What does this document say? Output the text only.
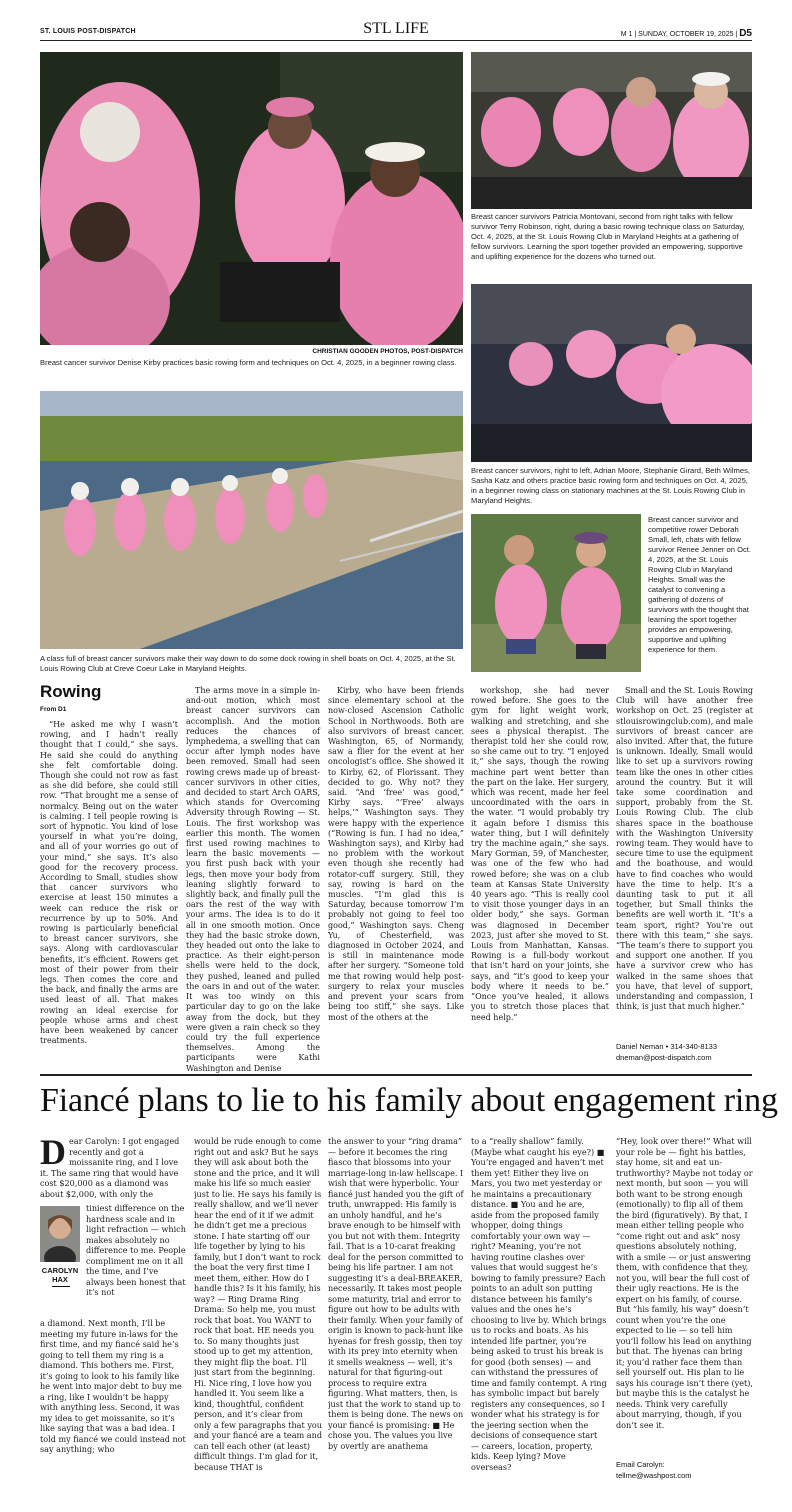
ST. LOUIS POST-DISPATCH	STL LIFE	M 1 | SUNDAY, OCTOBER 19, 2025 | D5
CHRISTIAN GOODEN PHOTOS, POST-DISPATCH
Breast cancer survivor Denise Kirby practices basic rowing form and techniques on Oct. 4, 2025, in a beginner rowing class.
Breast cancer survivors Patricia Montovani, second from right talks with fellow survivor Terry Robinson, right, during a basic rowing technique class on Saturday, Oct. 4, 2025, at the St. Louis Rowing Club in Maryland Heights at a gathering of fellow survivors. Learning the sport together provided an empowering, supportive and uplifting experience for the dozens who turned out.
Breast cancer survivors, right to left, Adrian Moore, Stephanie Girard, Beth Wilmes, Sasha Katz and others practice basic rowing form and techniques on Oct. 4, 2025, in a beginner rowing class on stationary machines at the St. Louis Rowing Club in Maryland Heights.
Breast cancer survivor and competitive rower Deborah Small, left, chats with fellow survivor Renee Jenner on Oct. 4, 2025, at the St. Louis Rowing Club in Maryland Heights. Small was the catalyst to convening a gathering of dozens of survivors with the thought that learning the sport together provides an empowering, supportive and uplifting experience for them.
A class full of breast cancer survivors make their way down to do some dock rowing in shell boats on Oct. 4, 2025, at the St. Louis Rowing Club at Creve Coeur Lake in Maryland Heights.
Rowing
From D1

“He asked me why I wasn’t rowing, and I hadn’t really thought that I could,” she says. He said she could do anything she felt comfortable doing. Though she could not row as fast as she did before, she could still row. “That brought me a sense of normalcy. Being out on the water is calming. I tell people rowing is sort of hypnotic. You kind of lose yourself in what you’re doing, and all of your worries go out of your mind,” she says. It’s also good for the recovery process. According to Small, studies show that cancer survivors who exercise at least 150 minutes a week can reduce the risk or recurrence by up to 50%. And rowing is particularly beneficial to breast cancer survivors, she says. Along with cardiovascular benefits, it’s efficient. Rowers get most of their power from their legs. Then comes the core and the back, and finally the arms are used least of all. That makes rowing an ideal exercise for people whose arms and chest have been weakened by cancer treatments.

The arms move in a simple in-and-out motion, which most breast cancer survivors can accomplish. And the motion reduces the chances of lymphedema, a swelling that can occur after lymph nodes have been removed. Small had seen rowing crews made up of breast-cancer survivors in other cities, and decided to start Arch OARS, which stands for Overcoming Adversity through Rowing — St. Louis. The first workshop was earlier this month. The women first used rowing machines to learn the basic movements — you first push back with your legs, then move your body from leaning slightly forward to slightly back, and finally pull the oars the rest of the way with your arms. The idea is to do it all in one smooth motion. Once they had the basic stroke down, they headed out onto the lake to practice. As their eight-person shells were held to the dock, they pushed, leaned and pulled the oars in and out of the water. It was too windy on this particular day to go on the lake away from the dock, but they were given a rain check so they could try the full experience themselves. Among the participants were Kathi Washington and Denise

Kirby, who have been friends since elementary school at the now-closed Ascension Catholic School in Northwoods. Both are also survivors of breast cancer. Washington, 65, of Normandy, saw a flier for the event at her oncologist’s office. She showed it to Kirby, 62, of Florissant. They decided to go. Why not? they said. “And ‘free’ was good,” Kirby says. “‘Free’ always helps,’” Washington says. They were happy with the experience (“Rowing is fun. I had no idea,” Washington says), and Kirby had no problem with the workout even though she recently had rotator-cuff surgery. Still, they say, rowing is hard on the muscles. “I’m glad this is Saturday, because tomorrow I’m probably not going to feel too good,” Washington says. Cheng Yu, of Chesterfield, was diagnosed in October 2024, and is still in maintenance mode after her surgery. “Someone told me that rowing would help post-surgery to relax your muscles and prevent your scars from being too stiff,” she says. Like most of the others at the

workshop, she had never rowed before. She goes to the gym for light weight work, walking and stretching, and she sees a physical therapist. The therapist told her she could row, so she came out to try. “I enjoyed it,” she says, though the rowing machine part went better than the part on the lake. Her surgery, which was recent, made her feel uncoordinated with the oars in the water. “I would probably try it again before I dismiss this water thing, but I will definitely try the machine again,” she says. Mary Gorman, 59, of Manchester, was one of the few who had rowed before; she was on a club team at Kansas State University 40 years ago. “This is really cool to visit those younger days in an older body,” she says. Gorman was diagnosed in December 2023, just after she moved to St. Louis from Manhattan, Kansas. Rowing is a full-body workout that isn’t hard on your joints, she says, and “it’s good to keep your body where it needs to be.” “Once you’ve healed, it allows you to stretch those places that need help.”

Small and the St. Louis Rowing Club will have another free workshop on Oct. 25 (register at stlouisrowingclub.com), and male survivors of breast cancer are also invited. After that, the future is unknown. Ideally, Small would like to set up a survivors rowing team like the ones in other cities around the country. But it will take some coordination and support, probably from the St. Louis Rowing Club. The club shares space in the boathouse with the Washington University rowing team. They would have to secure time to use the equipment and the boathouse, and would have to find coaches who would have the time to help. It’s a daunting task to put it all together, but Small thinks the benefits are well worth it. “It’s a team sport, right? You’re out there with this team,” she says. “The team’s there to support you and support one another. If you have a survivor crew who has walked in the same shoes that you have, that level of support, understanding and compassion, I think, is just that much higher.”

Daniel Neman • 314-340-8133
dneman@post-dispatch.com
Fiancé plans to lie to his family about engagement ring
Dear Carolyn: I got engaged recently and got a moissanite ring, and I love it. The same ring that would have cost $20,000 as a diamond was about $2,000, with only the
CAROLYN
HAX
tiniest difference on the hardness scale and in light refraction — which makes absolutely no difference to me. People compliment me on it all the time, and I’ve always been honest that it’s not
a diamond. Next month, I’ll be meeting my future in-laws for the first time, and my fiancé said he’s going to tell them my ring is a diamond. This bothers me. First, it’s going to look to his family like he went into major debt to buy me a ring, like I wouldn’t be happy with anything less. Second, it was my idea to get moissanite, so it’s like saying that was a bad idea. I told my fiancé we could instead not say anything; who
would be rude enough to come right out and ask? But he says they will ask about both the stone and the price, and it will make his life so much easier just to lie. He says his family is really shallow, and we’ll never hear the end of it if we admit he didn’t get me a precious stone. I hate starting off our life together by lying to his family, but I don’t want to rock the boat the very first time I meet them, either. How do I handle this? Is it his family, his way? — Ring Drama Ring Drama: So help me, you must rock that boat. You WANT to rock that boat. HE needs you to. So many thoughts just stood up to get my attention, they might flip the boat. I’ll just start from the beginning. Hi. Nice ring, I love how you handled it. You seem like a kind, thoughtful, confident person, and it’s clear from only a few paragraphs that you and your fiancé are a team and can tell each other (at least) difficult things. I’m glad for it, because THAT is
the answer to your “ring drama” — before it becomes the ring fiasco that blossoms into your marriage-long in-law hellscape. I wish that were hyperbolic. Your fiancé just handed you the gift of truth, unwrapped: His family is an unholy handful, and he’s brave enough to be himself with you but not with them. Integrity fail. That is a 10-carat freaking deal for the person committed to being his life partner. I am not suggesting it’s a deal-BREAKER, necessarily. It takes most people some maturity, trial and error to figure out how to be adults with their family. When your family of origin is known to pack-hunt like hyenas for fresh gossip, then toy with its prey into eternity when it smells weakness — well, it’s natural for that figuring-out process to require extra figuring. What matters, then, is just that the work to stand up to them is being done. The news on your fiancé is promising: ■ He chose you. The values you live by overtly are anathema
to a “really shallow” family. (Maybe what caught his eye?) ■ You’re engaged and haven’t met them yet! Either they live on Mars, you two met yesterday or he maintains a precautionary distance. ■ You and he are, aside from the proposed family whopper, doing things comfortably your own way — right? Meaning, you’re not having routine clashes over values that would suggest he’s bowing to family pressure? Each points to an adult son putting distance between his family’s values and the ones he’s choosing to live by. Which brings us to rocks and boats. As his intended life partner, you’re being asked to trust his break is for good (both senses) — and can withstand the pressures of time and family contempt. A ring has symbolic impact but barely registers any consequences, so I wonder what his strategy is for the jeering section when the decisions of consequence start — careers, location, property, kids. Keep lying? Move overseas?
“Hey, look over there!” What will your role be — fight his battles, stay home, sit and eat un-truthworthy? Maybe not today or next month, but soon — you will both want to be strong enough (emotionally) to flip all of them the bird (figuratively). By that, I mean either telling people who “come right out and ask” nosy questions absolutely nothing, with a smile — or just answering them, with confidence that they, not you, will bear the full cost of their ugly reactions. He is the expert on his family, of course. But “his family, his way” doesn’t count when you’re the one expected to lie — so tell him you’ll follow his lead on anything but that. The hyenas can bring it; you’d rather face them than sell yourself out. His plan to lie says his courage isn’t there (yet), but maybe this is the catalyst he needs. Think very carefully about marrying, though, if you don’t see it.
Email Carolyn:
tellme@washpost.com
